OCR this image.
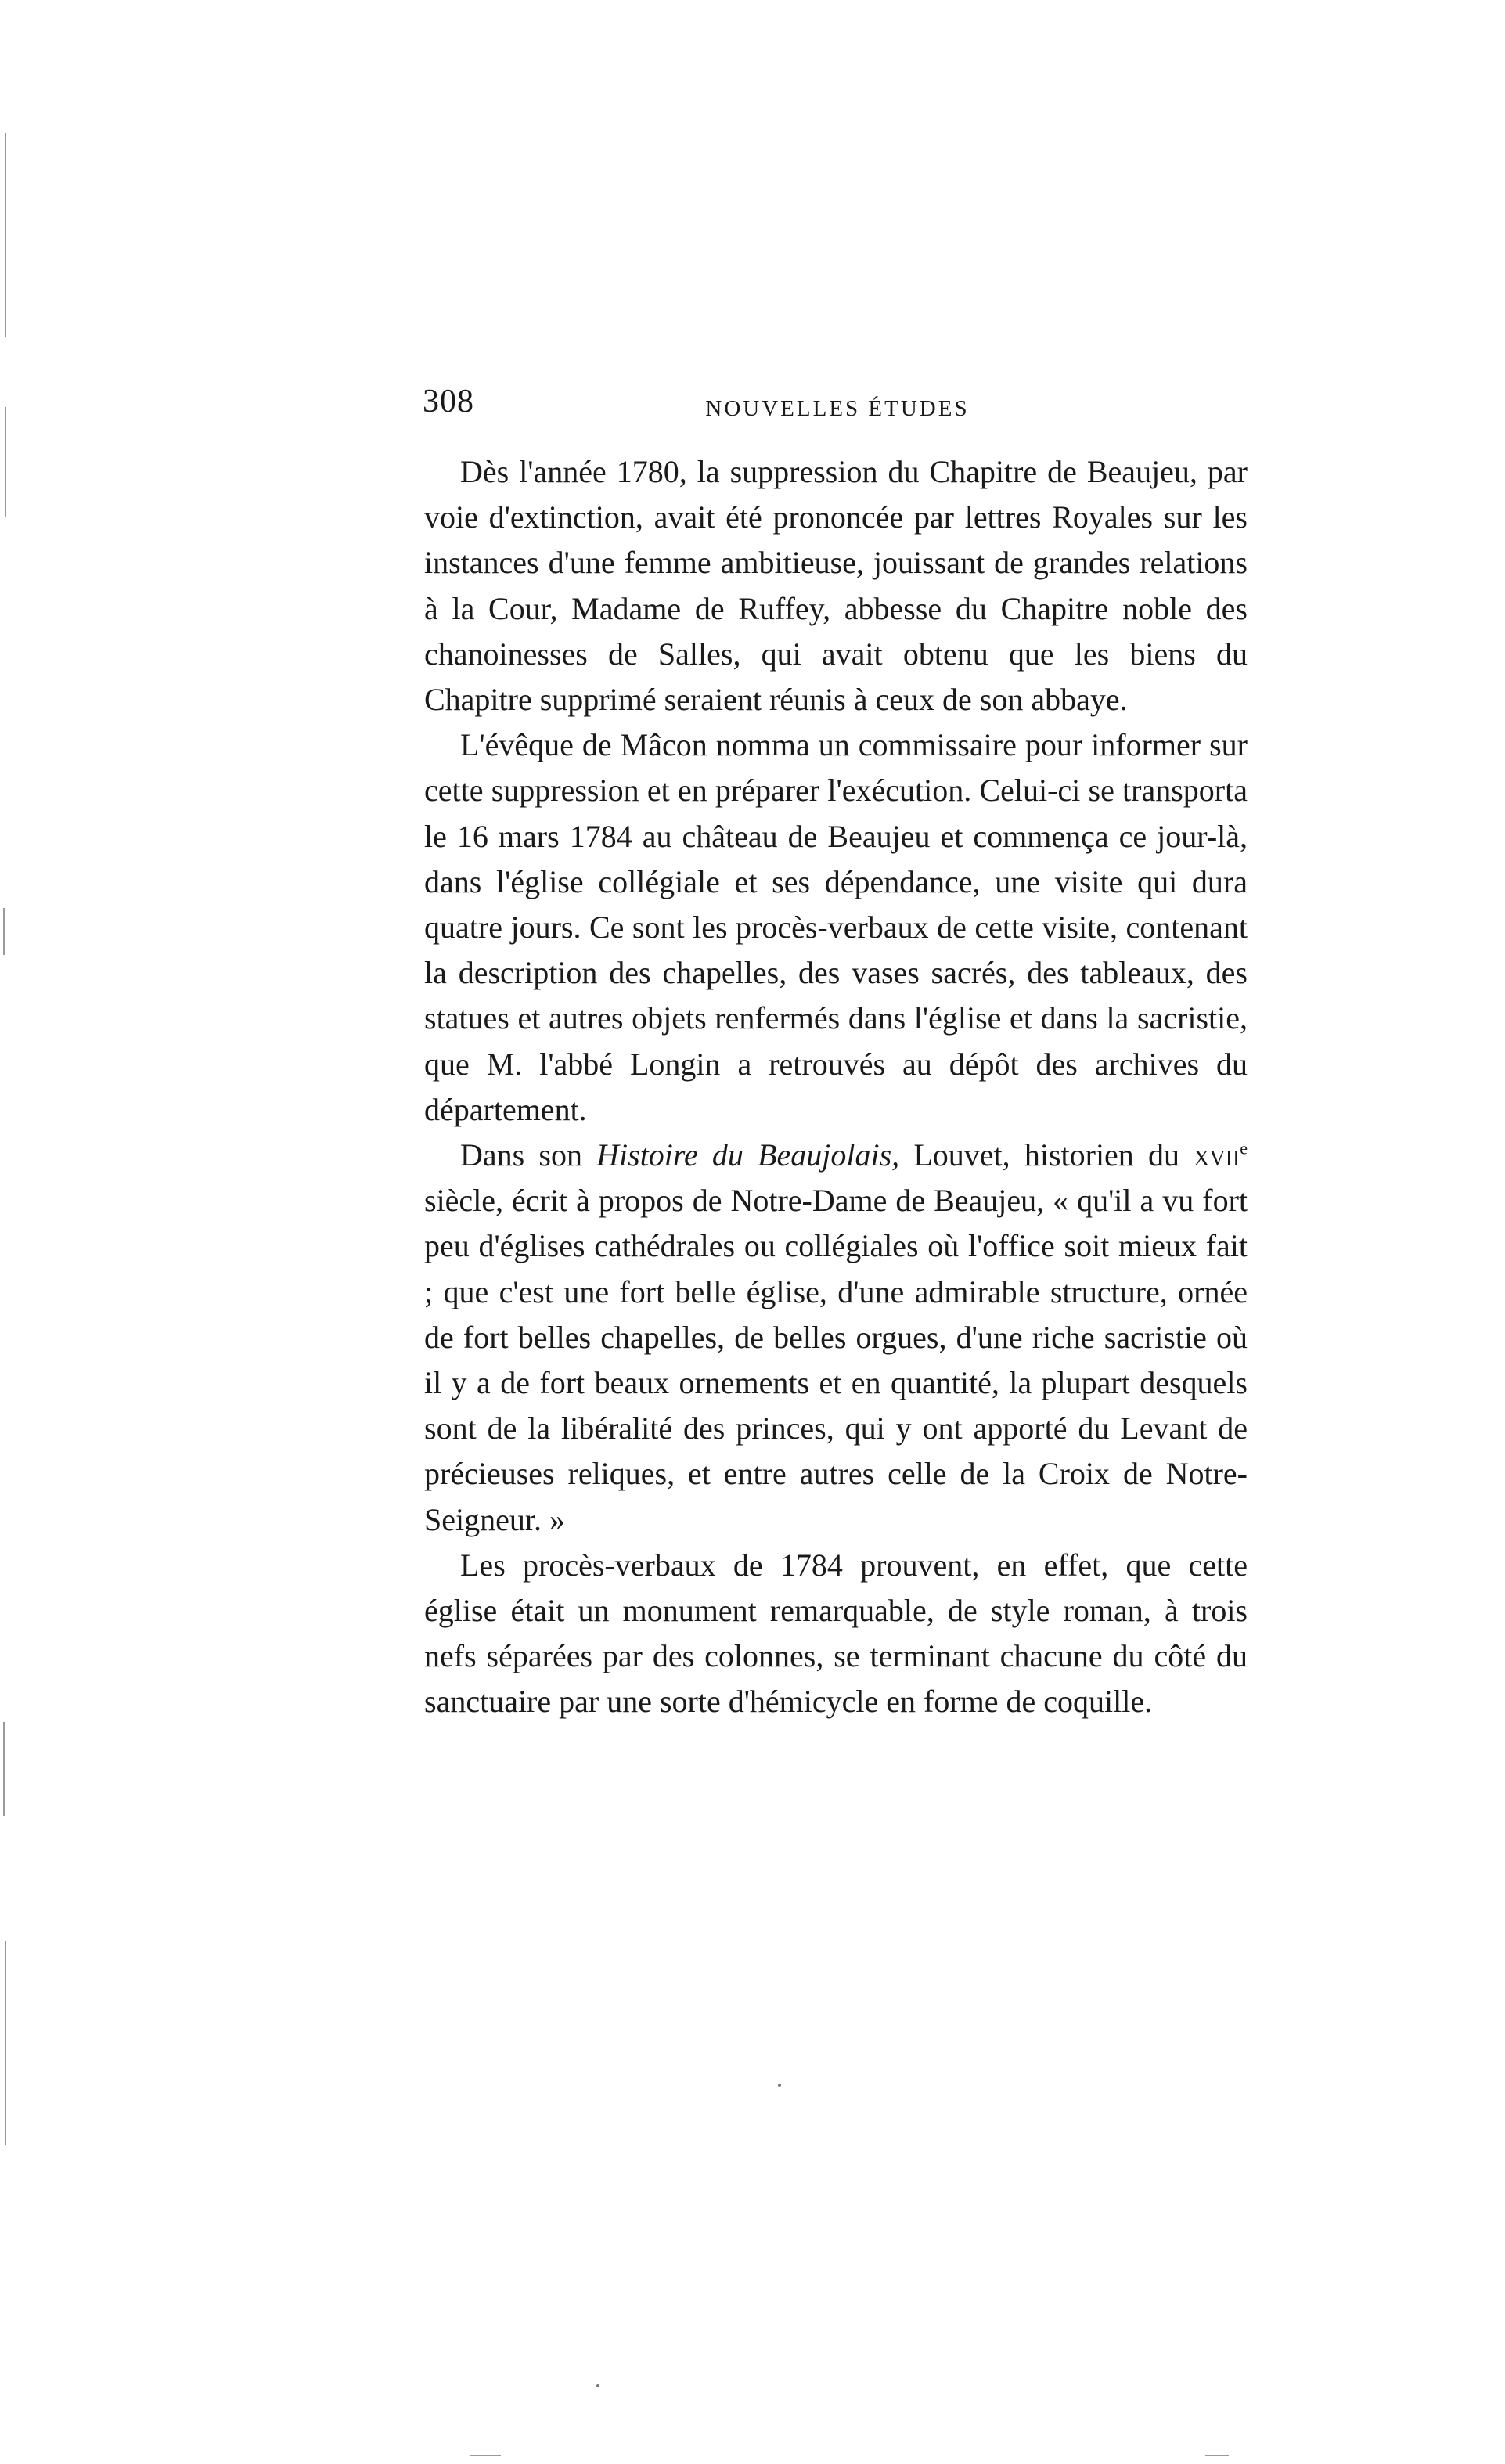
308	NOUVELLES ÉTUDES

Dès l'année 1780, la suppression du Chapitre de Beaujeu, par voie d'extinction, avait été prononcée par lettres Royales sur les instances d'une femme ambitieuse, jouissant de grandes relations à la Cour, Madame de Ruffey, abbesse du Chapitre noble des chanoinesses de Salles, qui avait obtenu que les biens du Chapitre supprimé seraient réunis à ceux de son abbaye.

L'évêque de Mâcon nomma un commissaire pour informer sur cette suppression et en préparer l'exécution. Celui-ci se transporta le 16 mars 1784 au château de Beaujeu et commença ce jour-là, dans l'église collégiale et ses dépendance, une visite qui dura quatre jours. Ce sont les procès-verbaux de cette visite, contenant la description des chapelles, des vases sacrés, des tableaux, des statues et autres objets renfermés dans l'église et dans la sacristie, que M. l'abbé Longin a retrouvés au dépôt des archives du département.

Dans son Histoire du Beaujolais, Louvet, historien du xvii$^e$ siècle, écrit à propos de Notre-Dame de Beaujeu, « qu'il a vu fort peu d'églises cathédrales ou collégiales où l'office soit mieux fait ; que c'est une fort belle église, d'une admirable structure, ornée de fort belles chapelles, de belles orgues, d'une riche sacristie où il y a de fort beaux ornements et en quantité, la plupart desquels sont de la libéralité des princes, qui y ont apporté du Levant de précieuses reliques, et entre autres celle de la Croix de Notre-Seigneur. »

Les procès-verbaux de 1784 prouvent, en effet, que cette église était un monument remarquable, de style roman, à trois nefs séparées par des colonnes, se terminant chacune du côté du sanctuaire par une sorte d'hémicycle en forme de coquille.
